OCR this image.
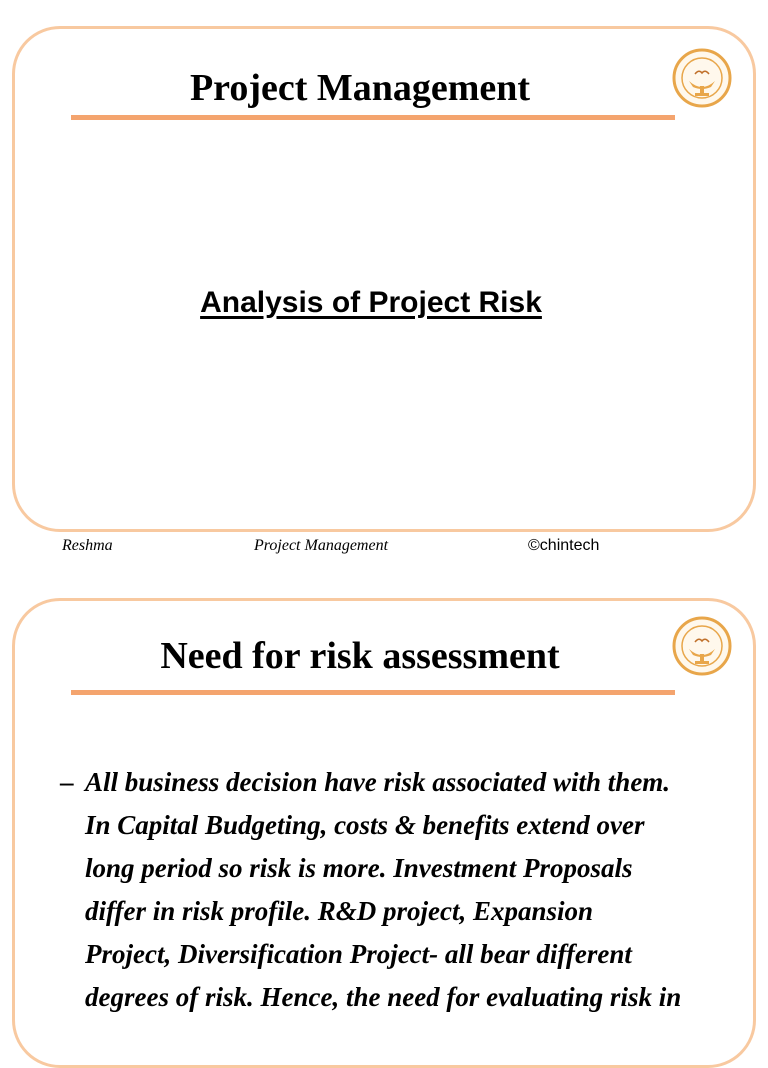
Project Management
Analysis of Project Risk
Reshma	Project Management	©chintech
Need for risk assessment
– All business decision have risk associated with them.
In Capital Budgeting, costs & benefits extend over
long period so risk is more. Investment Proposals
differ in risk profile. R&D project, Expansion
Project, Diversification Project- all bear different
degrees of risk. Hence, the need for evaluating risk in
